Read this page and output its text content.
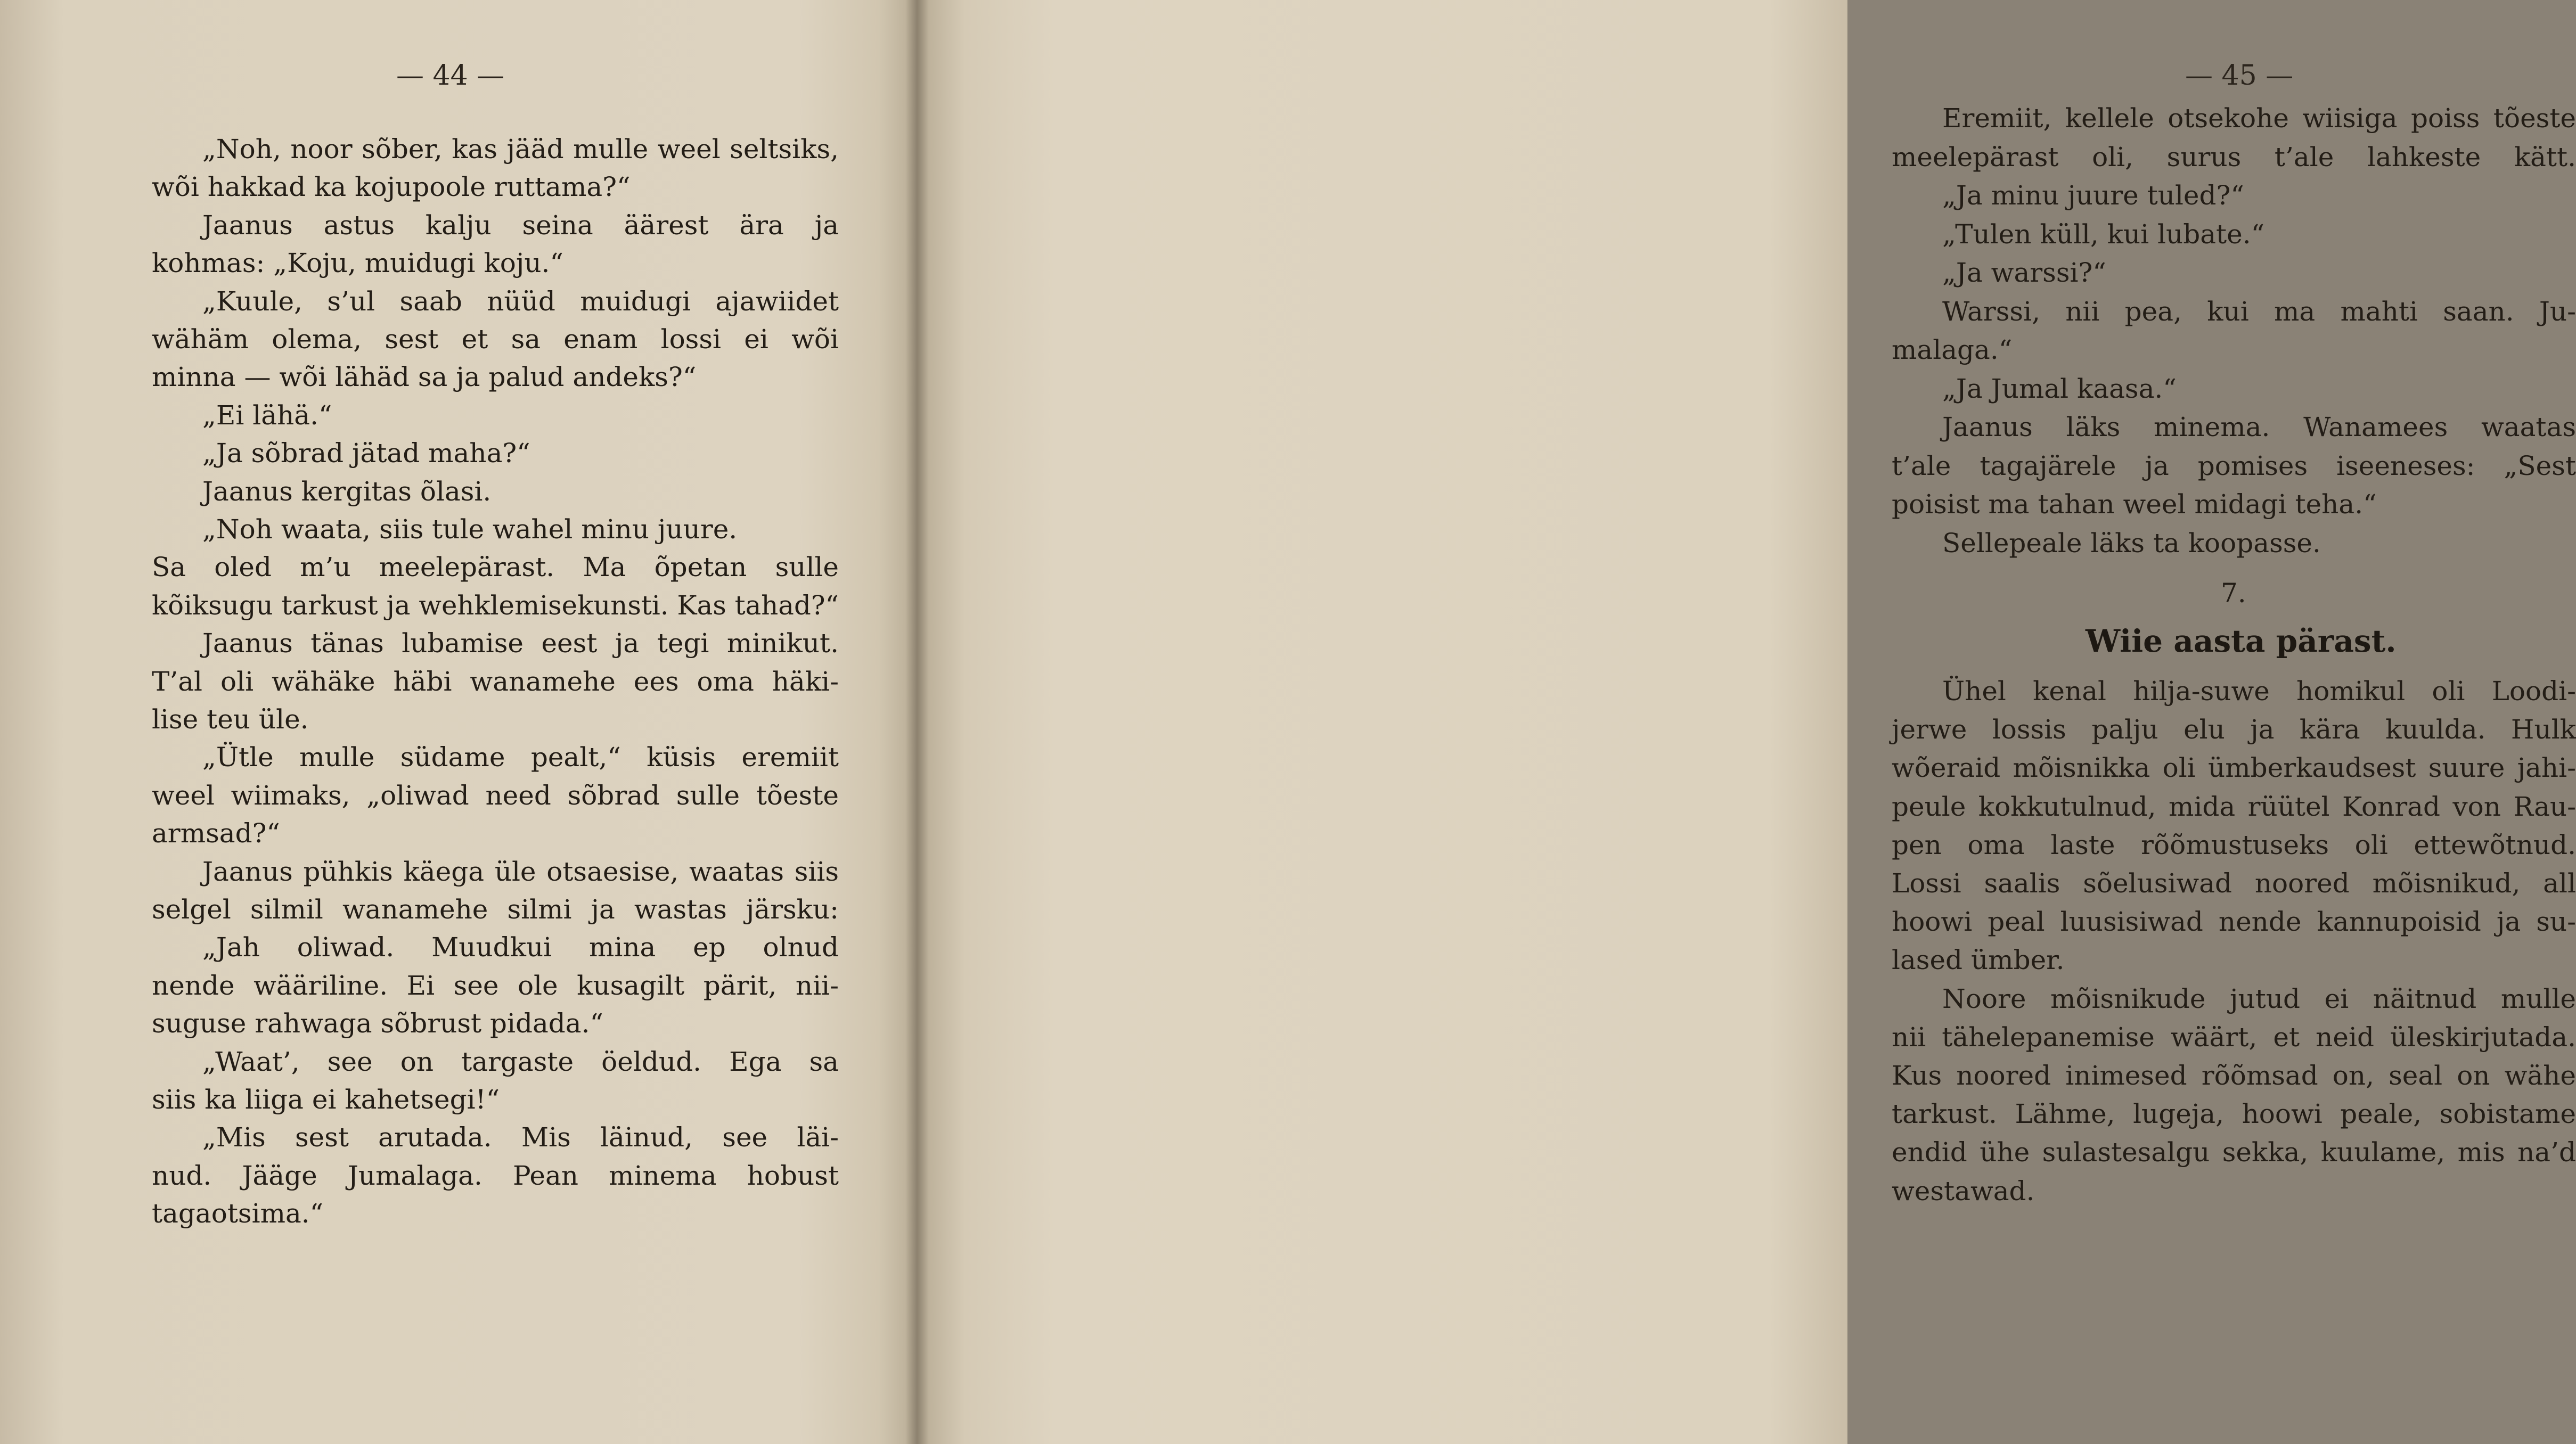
— 44 —
„Noh, noor sõber, kas jääd mulle weel seltsiks,
wõi hakkad ka kojupoole ruttama?“
Jaanus astus kalju seina äärest ära ja
kohmas: „Koju, muidugi koju.“
„Kuule, s’ul saab nüüd muidugi ajawiidet
wähäm olema, sest et sa enam lossi ei wõi
minna — wõi lähäd sa ja palud andeks?“
„Ei lähä.“
„Ja sõbrad jätad maha?“
Jaanus kergitas õlasi.
„Noh waata, siis tule wahel minu juure.
Sa oled m’u meelepärast. Ma õpetan sulle
kõiksugu tarkust ja wehklemisekunsti. Kas tahad?“
Jaanus tänas lubamise eest ja tegi minikut.
T’al oli wähäke häbi wanamehe ees oma häki-
lise teu üle.
„Ütle mulle südame pealt,“ küsis eremiit
weel wiimaks, „oliwad need sõbrad sulle tõeste
armsad?“
Jaanus pühkis käega üle otsaesise, waatas siis
selgel silmil wanamehe silmi ja wastas järsku:
„Jah oliwad. Muudkui mina ep olnud
nende wääriline. Ei see ole kusagilt pärit, nii-
suguse rahwaga sõbrust pidada.“
„Waat’, see on targaste öeldud. Ega sa
siis ka liiga ei kahetsegi!“
„Mis sest arutada. Mis läinud, see läi-
nud. Jääge Jumalaga. Pean minema hobust
tagaotsima.“
— 45 —
Eremiit, kellele otsekohe wiisiga poiss tõeste
meelepärast oli, surus t’ale lahkeste kätt.
„Ja minu juure tuled?“
„Tulen küll, kui lubate.“
„Ja warssi?“
Warssi, nii pea, kui ma mahti saan. Ju-
malaga.“
„Ja Jumal kaasa.“
Jaanus läks minema. Wanamees waatas
t’ale tagajärele ja pomises iseeneses: „Sest
poisist ma tahan weel midagi teha.“
Sellepeale läks ta koopasse.
7.
Wiie aasta pärast.
Ühel kenal hilja-suwe homikul oli Loodi-
jerwe lossis palju elu ja kära kuulda. Hulk
wõeraid mõisnikka oli ümberkaudsest suure jahi-
peule kokkutulnud, mida rüütel Konrad von Rau-
pen oma laste rõõmustuseks oli ettewõtnud.
Lossi saalis sõelusiwad noored mõisnikud, all
hoowi peal luusisiwad nende kannupoisid ja su-
lased ümber.
Noore mõisnikude jutud ei näitnud mulle
nii tähelepanemise wäärt, et neid üleskirjutada.
Kus noored inimesed rõõmsad on, seal on wähe
tarkust. Lähme, lugeja, hoowi peale, sobistame
endid ühe sulastesalgu sekka, kuulame, mis na’d
westawad.
